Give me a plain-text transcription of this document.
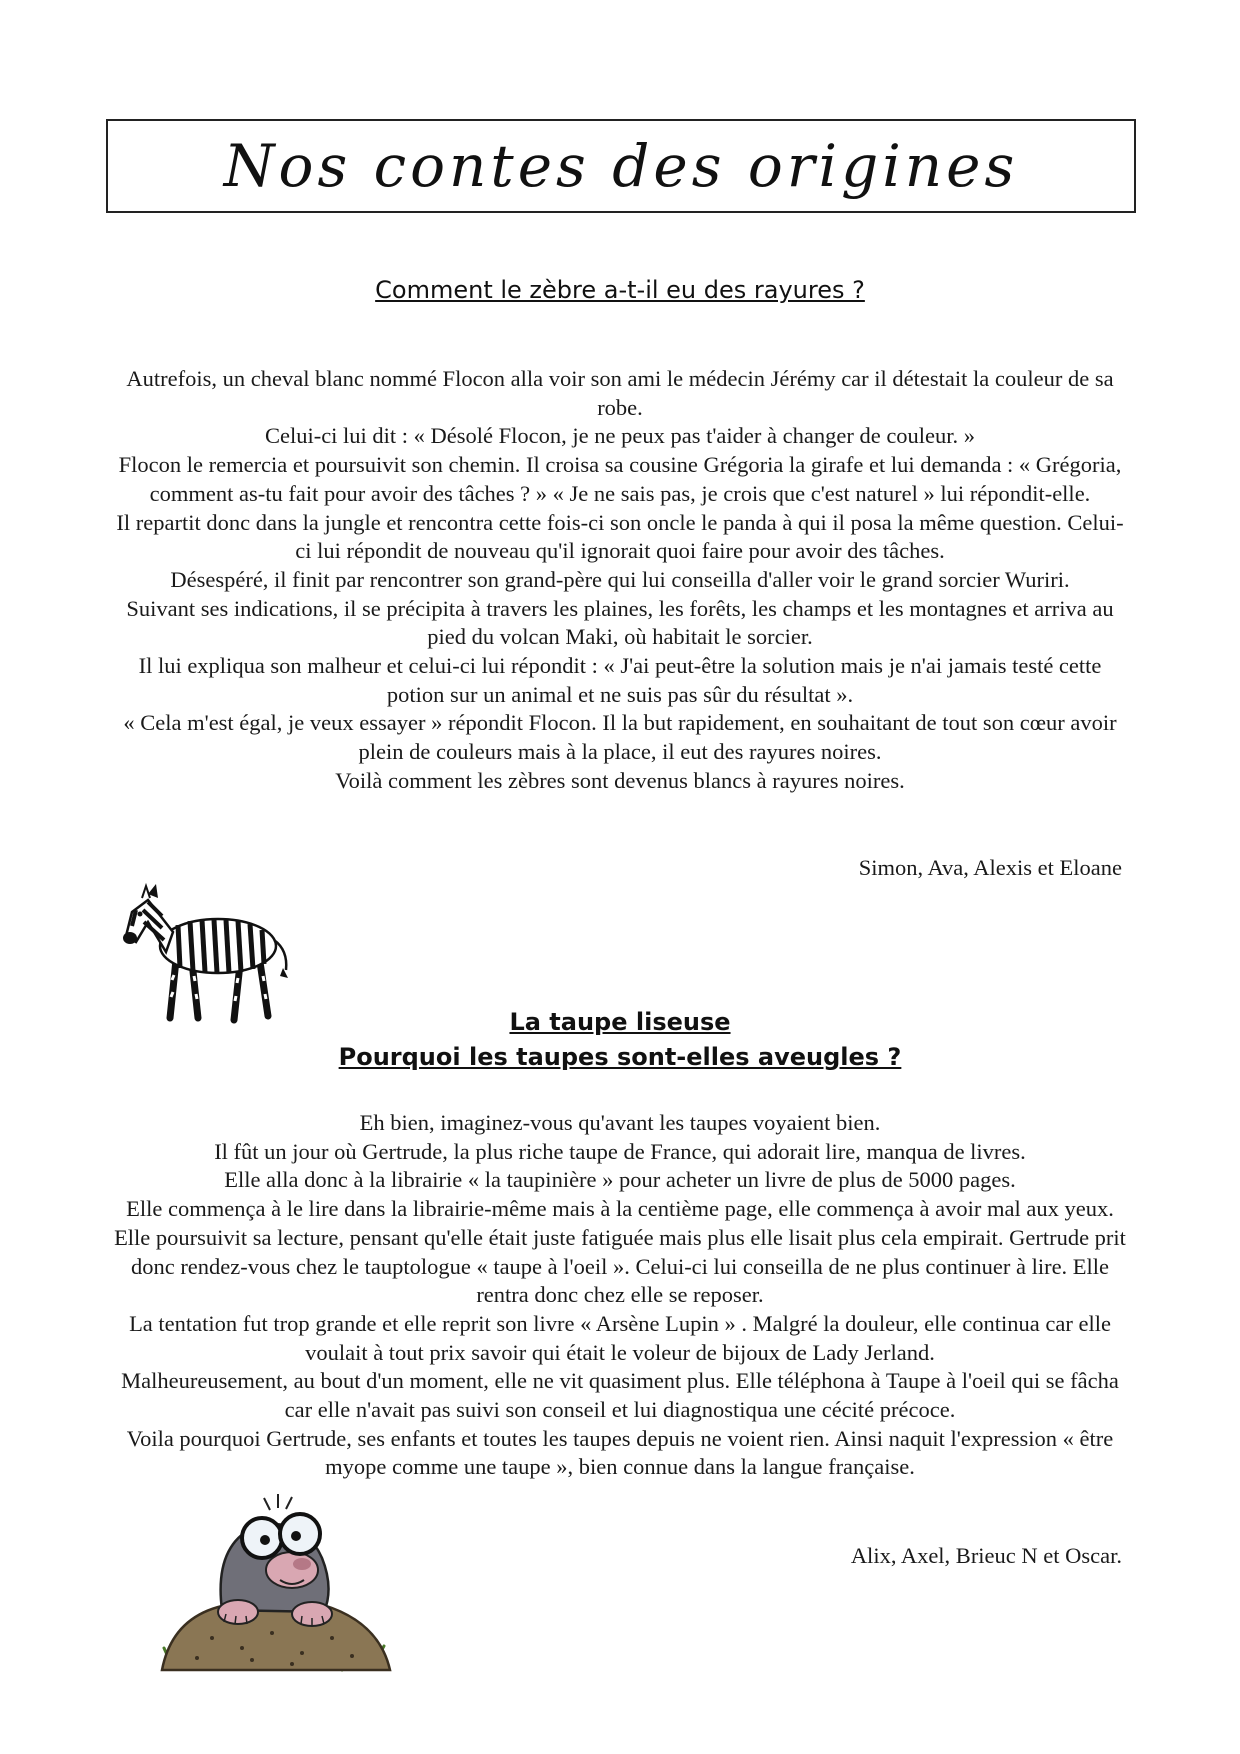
Nos contes des origines
Comment le zèbre a-t-il eu des rayures ?

Autrefois, un cheval blanc nommé Flocon alla voir son ami le médecin Jérémy car il détestait la couleur de sa robe.

Celui-ci lui dit : « Désolé Flocon, je ne peux pas t'aider à changer de couleur. »

Flocon le remercia et poursuivit son chemin. Il croisa sa cousine Grégoria la girafe et lui demanda : « Grégoria, comment as-tu fait pour avoir des tâches ? » « Je ne sais pas, je crois que c'est naturel » lui répondit-elle.

Il repartit donc dans la jungle et rencontra cette fois-ci son oncle le panda à qui il posa la même question. Celui-ci lui répondit de nouveau qu'il ignorait quoi faire pour avoir des tâches.

Désespéré, il finit par rencontrer son grand-père qui lui conseilla d'aller voir le grand sorcier Wuriri.

Suivant ses indications, il se précipita à travers les plaines, les forêts, les champs et les montagnes et arriva au pied du volcan Maki, où habitait le sorcier.

Il lui expliqua son malheur et celui-ci lui répondit : « J'ai peut-être la solution mais je n'ai jamais testé cette potion sur un animal et ne suis pas sûr du résultat ».

« Cela m'est égal, je veux essayer » répondit Flocon. Il la but rapidement, en souhaitant de tout son cœur avoir plein de couleurs mais à la place, il eut des rayures noires.

Voilà comment les zèbres sont devenus blancs à rayures noires.

Simon, Ava, Alexis et Eloane
La taupe liseuse
Pourquoi les taupes sont-elles aveugles ?

Eh bien, imaginez-vous qu'avant les taupes voyaient bien.

Il fût un jour où Gertrude, la plus riche taupe de France, qui adorait lire, manqua de livres.

Elle alla donc à la librairie « la taupinière » pour acheter un livre de plus de 5000 pages.

Elle commença à le lire dans la librairie-même mais à la centième page, elle commença à avoir mal aux yeux. Elle poursuivit sa lecture, pensant qu'elle était juste fatiguée mais plus elle lisait plus cela empirait. Gertrude prit donc rendez-vous chez le tauptologue « taupe à l'oeil ». Celui-ci lui conseilla de ne plus continuer à lire. Elle rentra donc chez elle se reposer.

La tentation fut trop grande et elle reprit son livre « Arsène Lupin » . Malgré la douleur, elle continua car elle voulait à tout prix savoir qui était le voleur de bijoux de Lady Jerland.

Malheureusement, au bout d'un moment, elle ne vit quasiment plus. Elle téléphona à Taupe à l'oeil qui se fâcha car elle n'avait pas suivi son conseil et lui diagnostiqua une cécité précoce.

Voila pourquoi Gertrude, ses enfants et toutes les taupes depuis ne voient rien. Ainsi naquit l'expression « être myope comme une taupe », bien connue dans la langue française.

Alix, Axel, Brieuc N et Oscar.
